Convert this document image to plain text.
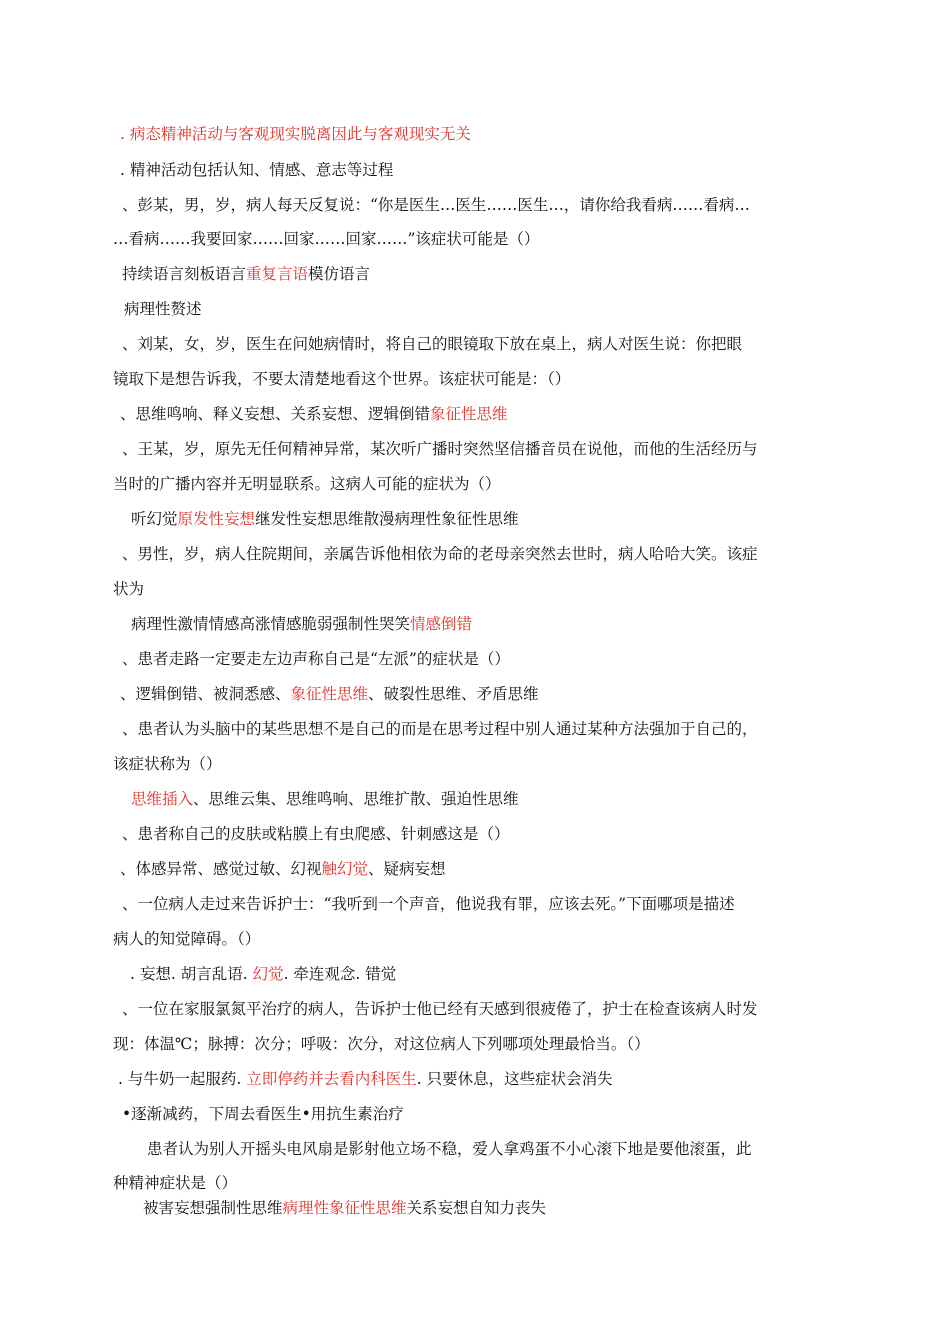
. 病态精神活动与客观现实脱离因此与客观现实无关
. 精神活动包括认知、情感、意志等过程
、彭某，男，岁，病人每天反复说：“你是医生…医生……医生…，请你给我看病……看病…
…看病……我要回家……回家……回家……”该症状可能是（）
持续语言刻板语言重复言语模仿语言
病理性赘述
、刘某，女，岁，医生在问她病情时，将自己的眼镜取下放在桌上，病人对医生说：你把眼
镜取下是想告诉我，不要太清楚地看这个世界。该症状可能是：（）
、思维鸣响、释义妄想、关系妄想、逻辑倒错象征性思维
、王某，岁，原先无任何精神异常，某次听广播时突然坚信播音员在说他，而他的生活经历与
当时的广播内容并无明显联系。这病人可能的症状为（）
听幻觉原发性妄想继发性妄想思维散漫病理性象征性思维
、男性，岁，病人住院期间，亲属告诉他相依为命的老母亲突然去世时，病人哈哈大笑。该症
状为
病理性激情情感高涨情感脆弱强制性哭笑情感倒错
、患者走路一定要走左边声称自己是“左派”的症状是（）
、逻辑倒错、被洞悉感、象征性思维、破裂性思维、矛盾思维
、患者认为头脑中的某些思想不是自己的而是在思考过程中别人通过某种方法强加于自己的，
该症状称为（）
思维插入、思维云集、思维鸣响、思维扩散、强迫性思维
、患者称自己的皮肤或粘膜上有虫爬感、针刺感这是（）
、体感异常、感觉过敏、幻视触幻觉、疑病妄想
、一位病人走过来告诉护士：“我听到一个声音，他说我有罪，应该去死。”下面哪项是描述
病人的知觉障碍。（）
. 妄想. 胡言乱语. 幻觉. 牵连观念. 错觉
、一位在家服氯氮平治疗的病人，告诉护士他已经有天感到很疲倦了，护士在检查该病人时发
现：体温℃；脉搏：次分；呼吸：次分，对这位病人下列哪项处理最恰当。（）
. 与牛奶一起服药. 立即停药并去看内科医生. 只要休息，这些症状会消失
•逐渐减药，下周去看医生•用抗生素治疗
患者认为别人开摇头电风扇是影射他立场不稳，爱人拿鸡蛋不小心滚下地是要他滚蛋，此
种精神症状是（）
被害妄想强制性思维病理性象征性思维关系妄想自知力丧失
